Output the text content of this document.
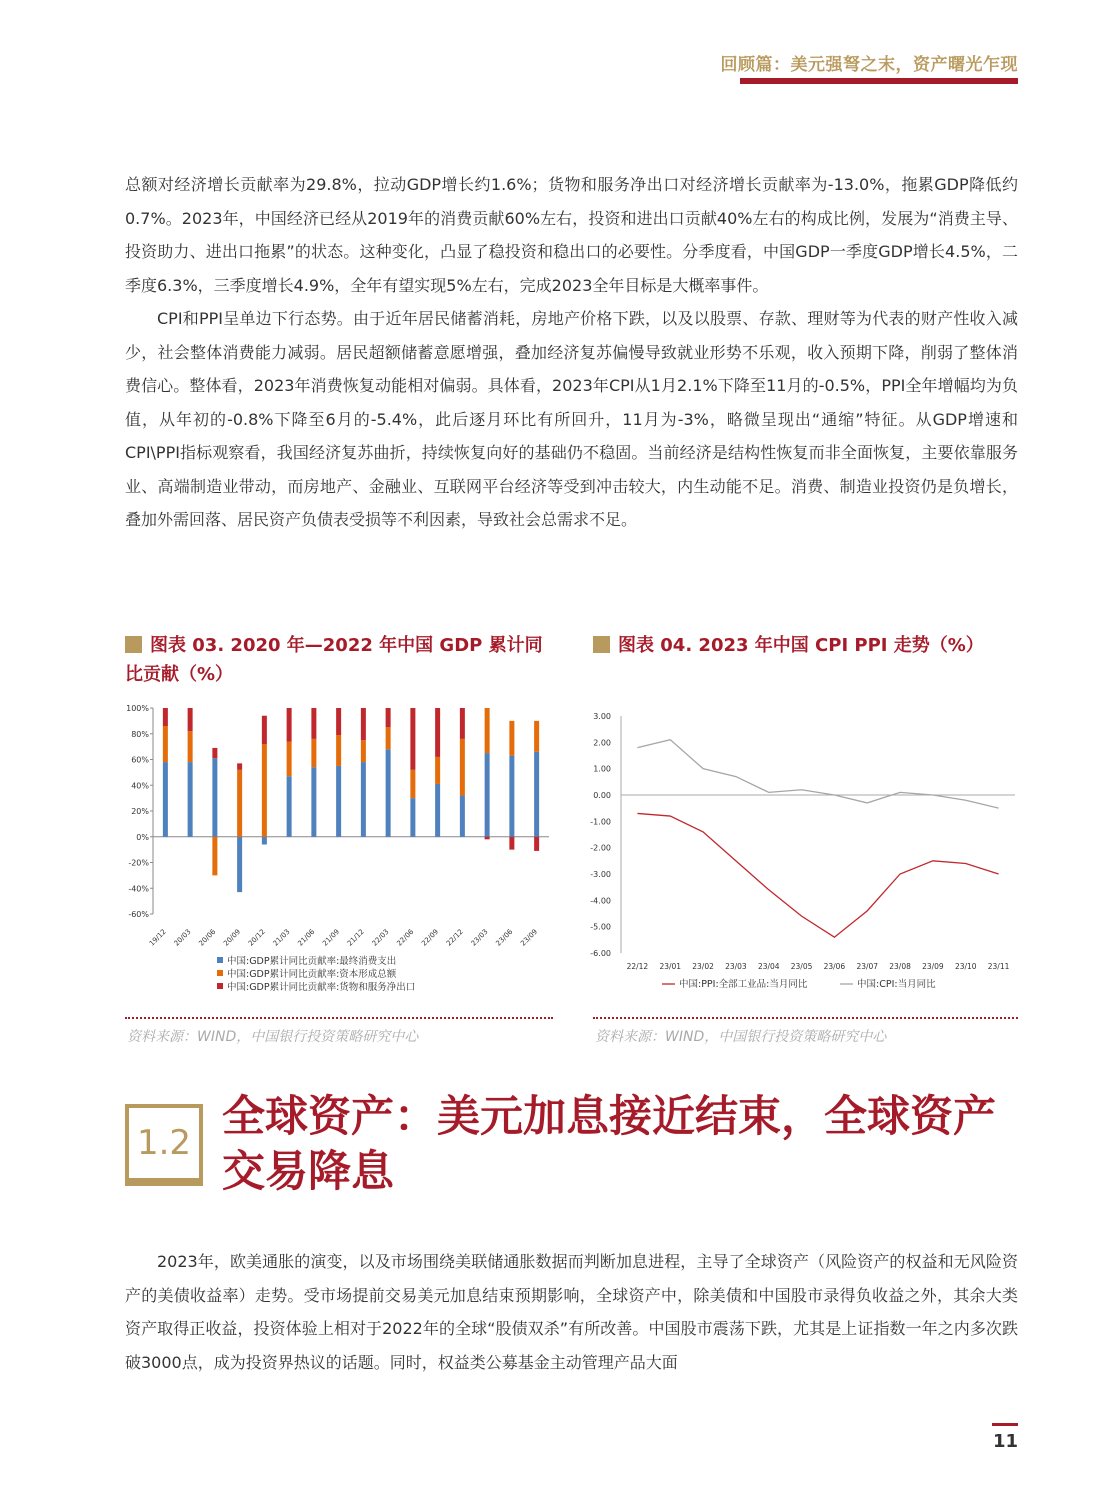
回顾篇：美元强弩之末，资产曙光乍现

总额对经济增长贡献率为29.8%，拉动GDP增长约1.6%；货物和服务净出口对经济增长贡献率为-13.0%，拖累GDP降低约0.7%。2023年，中国经济已经从2019年的消费贡献60%左右，投资和进出口贡献40%左右的构成比例，发展为“消费主导、投资助力、进出口拖累”的状态。这种变化，凸显了稳投资和稳出口的必要性。分季度看，中国GDP一季度GDP增长4.5%，二季度6.3%，三季度增长4.9%，全年有望实现5%左右，完成2023全年目标是大概率事件。

CPI和PPI呈单边下行态势。由于近年居民储蓄消耗，房地产价格下跌，以及以股票、存款、理财等为代表的财产性收入减少，社会整体消费能力减弱。居民超额储蓄意愿增强，叠加经济复苏偏慢导致就业形势不乐观，收入预期下降，削弱了整体消费信心。整体看，2023年消费恢复动能相对偏弱。具体看，2023年CPI从1月2.1%下降至11月的-0.5%，PPI全年增幅均为负值，从年初的-0.8%下降至6月的-5.4%，此后逐月环比有所回升，11月为-3%，略微呈现出“通缩”特征。从GDP增速和CPI\PPI指标观察看，我国经济复苏曲折，持续恢复向好的基础仍不稳固。当前经济是结构性恢复而非全面恢复，主要依靠服务业、高端制造业带动，而房地产、金融业、互联网平台经济等受到冲击较大，内生动能不足。消费、制造业投资仍是负增长，叠加外需回落、居民资产负债表受损等不利因素，导致社会总需求不足。

图表 03. 2020 年—2022 年中国 GDP 累计同比贡献（%）
图表 04. 2023 年中国 CPI PPI 走势（%）
100%
80%
60%
40%
20%
0%
-20%
-40%
-60%
19/12 20/03 20/06 20/09 20/12 21/03 21/06 21/09 21/12 22/03 22/06 22/09 22/12 23/03 23/06 23/09
中国:GDP累计同比贡献率:最终消费支出
中国:GDP累计同比贡献率:资本形成总额
中国:GDP累计同比贡献率:货物和服务净出口
3.00
2.00
1.00
0.00
-1.00
-2.00
-3.00
-4.00
-5.00
-6.00
22/12 23/01 23/02 23/03 23/04 23/05 23/06 23/07 23/08 23/09 23/10 23/11
中国:PPI:全部工业品:当月同比	中国:CPI:当月同比
资料来源：WIND，中国银行投资策略研究中心	资料来源：WIND，中国银行投资策略研究中心
1.2
全球资产：美元加息接近结束，全球资产交易降息

2023年，欧美通胀的演变，以及市场围绕美联储通胀数据而判断加息进程，主导了全球资产（风险资产的权益和无风险资产的美债收益率）走势。受市场提前交易美元加息结束预期影响，全球资产中，除美债和中国股市录得负收益之外，其余大类资产取得正收益，投资体验上相对于2022年的全球“股债双杀”有所改善。中国股市震荡下跌，尤其是上证指数一年之内多次跌破3000点，成为投资界热议的话题。同时，权益类公募基金主动管理产品大面

11
